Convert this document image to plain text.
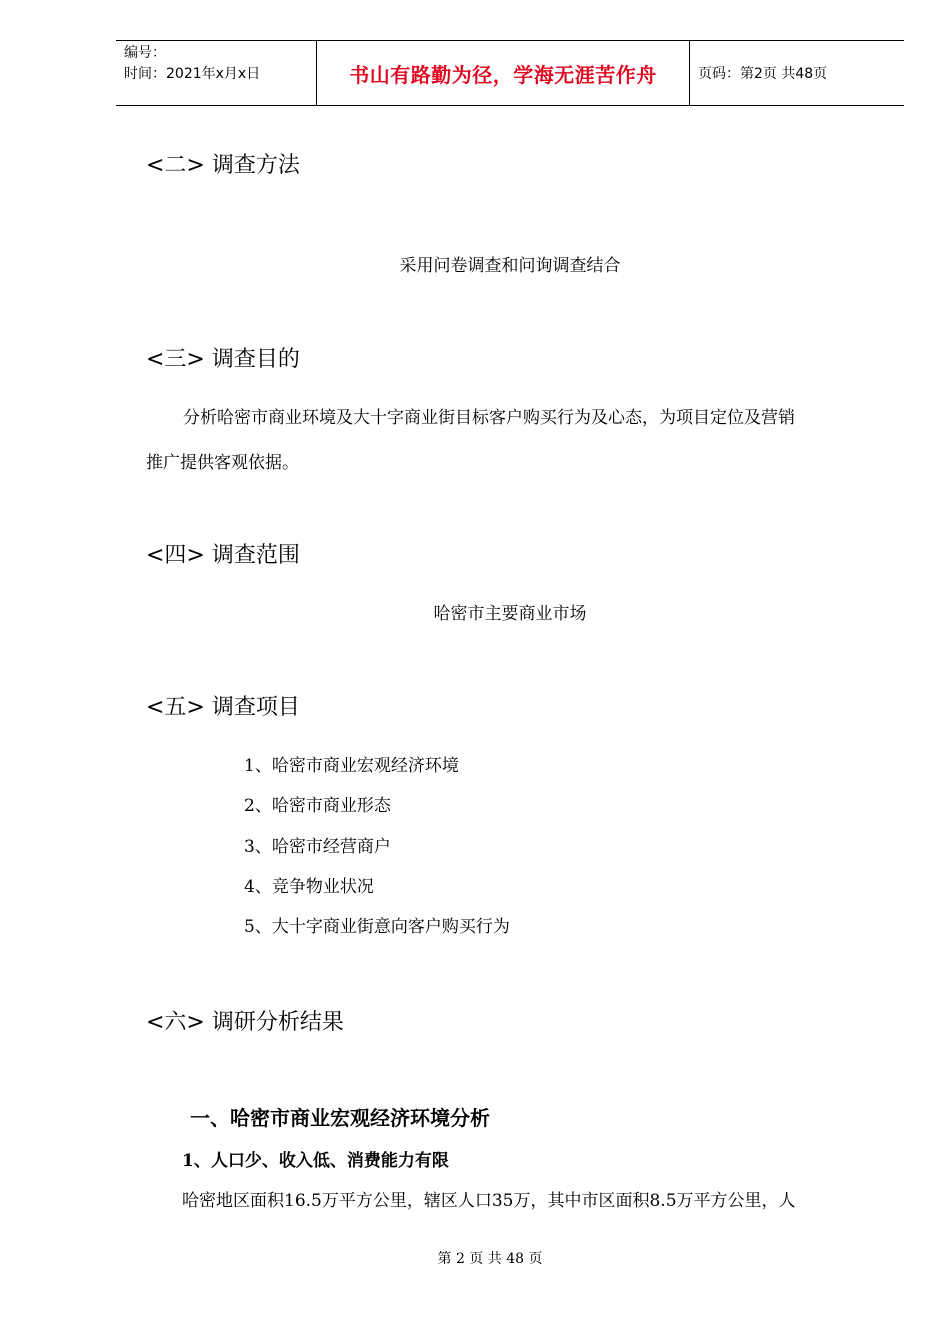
编号：
时间：2021年x月x日	书山有路勤为径，学海无涯苦作舟	页码：第2页 共48页
<二> 调查方法
采用问卷调查和问询调查结合
<三> 调查目的
分析哈密市商业环境及大十字商业街目标客户购买行为及心态，为项目定位及营销
推广提供客观依据。
<四> 调查范围
哈密市主要商业市场
<五> 调查项目
1、哈密市商业宏观经济环境
2、哈密市商业形态
3、哈密市经营商户
4、竞争物业状况
5、大十字商业街意向客户购买行为
<六> 调研分析结果
一、哈密市商业宏观经济环境分析
1、人口少、收入低、消费能力有限
哈密地区面积16.5万平方公里，辖区人口35万，其中市区面积8.5万平方公里，人
第 2 页 共 48 页
